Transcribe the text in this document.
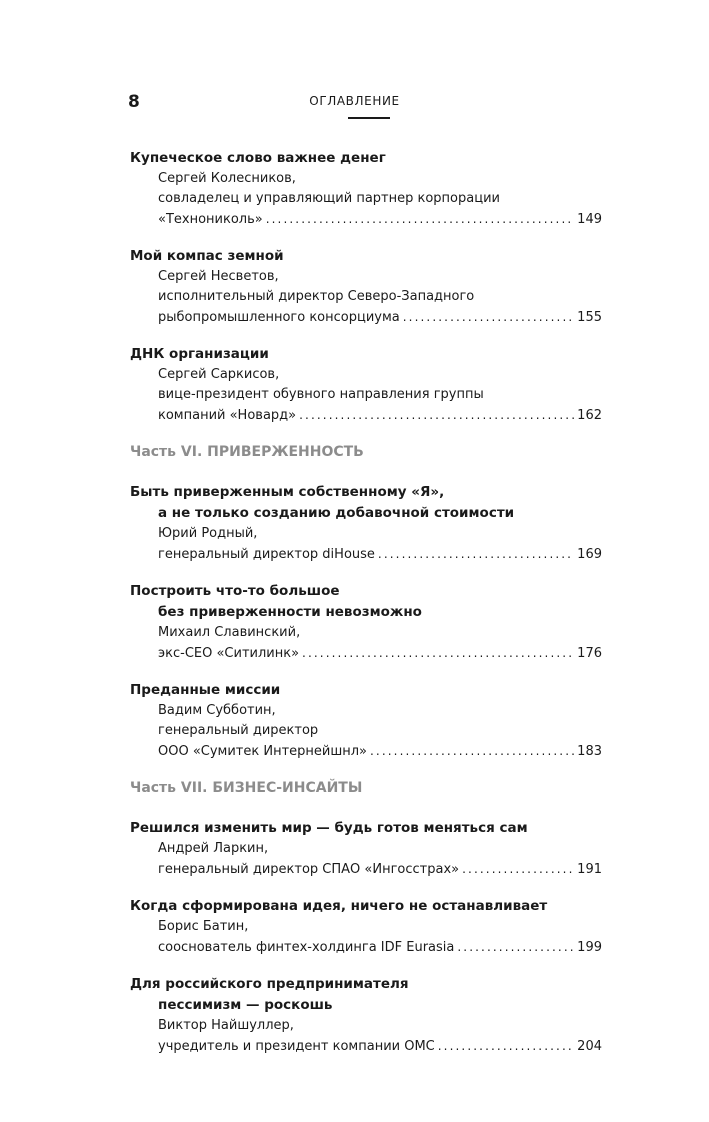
8	ОГЛАВЛЕНИЕ
Купеческое слово важнее денег
Сергей Колесников,
совладелец и управляющий партнер корпорации
«Технониколь» .....	149
Мой компас земной
Сергей Несветов,
исполнительный директор Северо-Западного
рыбопромышленного консорциума .....	155
ДНК организации
Сергей Саркисов,
вице-президент обувного направления группы
компаний «Новард» .....	162
Часть VI. ПРИВЕРЖЕННОСТЬ
Быть приверженным собственному «Я»,
а не только созданию добавочной стоимости
Юрий Родный,
генеральный директор diHouse .....	169
Построить что-то большое
без приверженности невозможно
Михаил Славинский,
экс-CEO «Ситилинк» .....	176
Преданные миссии
Вадим Субботин,
генеральный директор
ООО «Сумитек Интернейшнл» .....	183
Часть VII. БИЗНЕС-ИНСАЙТЫ
Решился изменить мир — будь готов меняться сам
Андрей Ларкин,
генеральный директор СПАО «Ингосстрах» .....	191
Когда сформирована идея, ничего не останавливает
Борис Батин,
сооснователь финтех-холдинга IDF Eurasia .....	199
Для российского предпринимателя
пессимизм — роскошь
Виктор Найшуллер,
учредитель и президент компании ОМС .....	204
